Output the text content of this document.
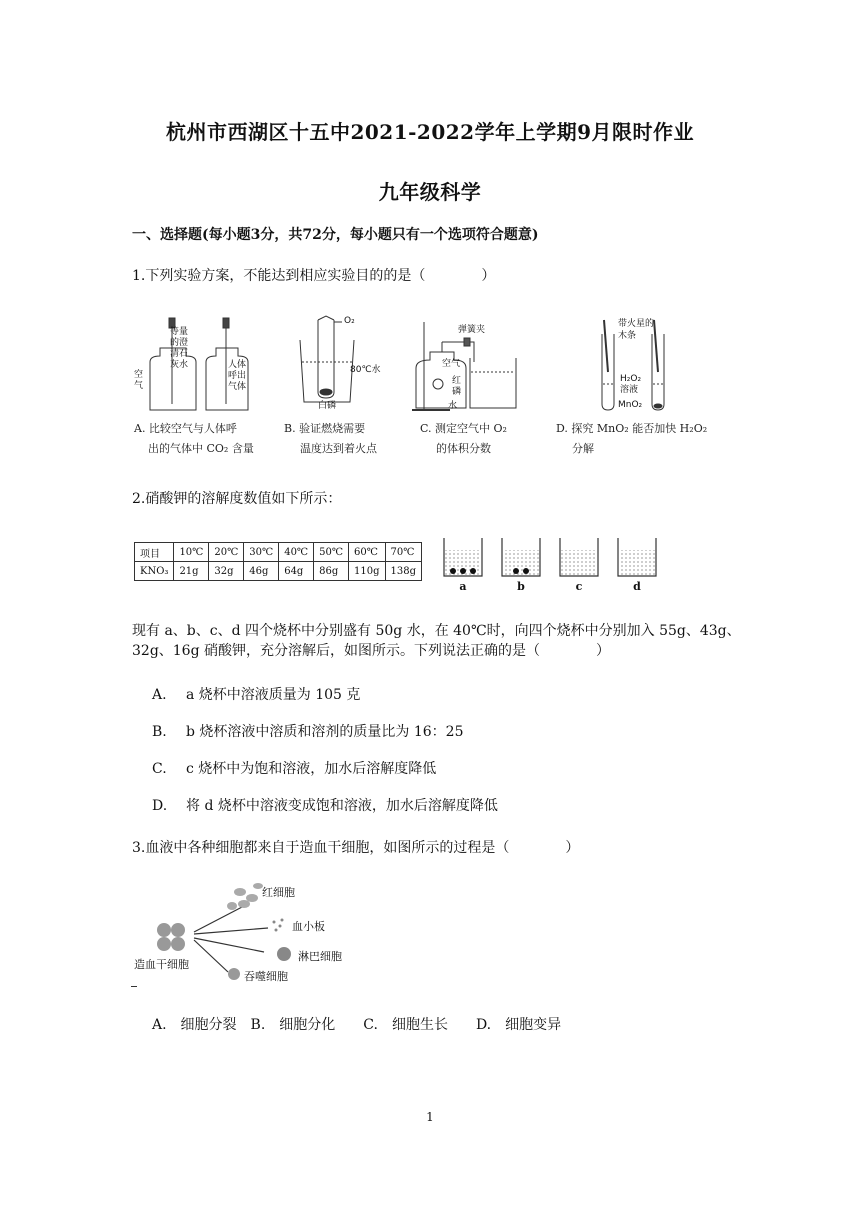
杭州市西湖区十五中2021-2022学年上学期9月限时作业
九年级科学
一、选择题(每小题3分，共72分，每小题只有一个选项符合题意)
1.下列实验方案，不能达到相应实验目的的是（　　　　）
等量的澄清石灰水
空气
人体呼出气体
A. 比较空气与人体呼
出的气体中 CO₂ 含量
O₂
80℃水
白磷
B. 验证燃烧需要
温度达到着火点
弹簧夹
空气
红磷
水
C. 测定空气中 O₂
的体积分数
带火星的木条
H₂O₂溶液
MnO₂
D. 探究 MnO₂ 能否加快 H₂O₂
分解
2.硝酸钾的溶解度数值如下所示：
项目	10℃	20℃	30℃	40℃	50℃	60℃	70℃
KNO₃	21g	32g	46g	64g	86g	110g	138g
a	b	c	d
现有 a、b、c、d 四个烧杯中分别盛有 50g 水，在 40℃时，向四个烧杯中分别加入 55g、43g、
32g、16g 硝酸钾，充分溶解后，如图所示。下列说法正确的是（　　　　）
A. a 烧杯中溶液质量为 105 克
B. b 烧杯溶液中溶质和溶剂的质量比为 16：25
C. c 烧杯中为饱和溶液，加水后溶解度降低
D. 将 d 烧杯中溶液变成饱和溶液，加水后溶解度降低
3.血液中各种细胞都来自于造血干细胞，如图所示的过程是（　　　　）
红细胞
血小板
淋巴细胞
吞噬细胞
造血干细胞
A.　细胞分裂　B.　细胞分化　　C.　细胞生长　　D.　细胞变异
1
